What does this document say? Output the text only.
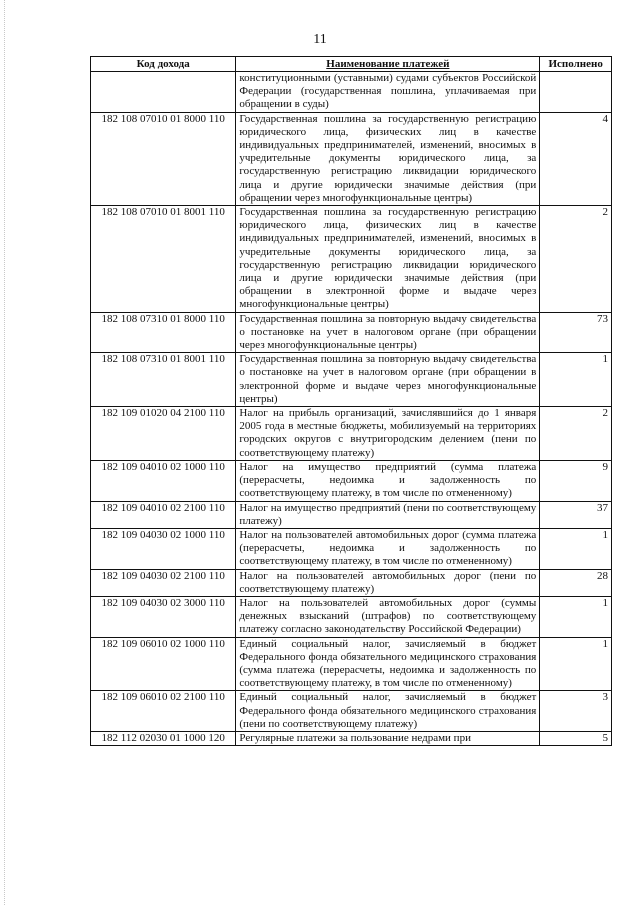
11
Код дохода	Наименование платежей	Исполнено
	конституционными (уставными) судами субъектов Российской Федерации (государственная пошлина, уплачиваемая при обращении в суды)	
182 108 07010 01 8000 110	Государственная пошлина за государственную регистрацию юридического лица, физических лиц в качестве индивидуальных предпринимателей, изменений, вносимых в учредительные документы юридического лица, за государственную регистрацию ликвидации юридического лица и другие юридически значимые действия (при обращении через многофункциональные центры)	4
182 108 07010 01 8001 110	Государственная пошлина за государственную регистрацию юридического лица, физических лиц в качестве индивидуальных предпринимателей, изменений, вносимых в учредительные документы юридического лица, за государственную регистрацию ликвидации юридического лица и другие юридически значимые действия (при обращении в электронной форме и выдаче через многофункциональные центры)	2
182 108 07310 01 8000 110	Государственная пошлина за повторную выдачу свидетельства о постановке на учет в налоговом органе (при обращении через многофункциональные центры)	73
182 108 07310 01 8001 110	Государственная пошлина за повторную выдачу свидетельства о постановке на учет в налоговом органе (при обращении в электронной форме и выдаче через многофункциональные центры)	1
182 109 01020 04 2100 110	Налог на прибыль организаций, зачислявшийся до 1 января 2005 года в местные бюджеты, мобилизуемый на территориях городских округов с внутригородским делением (пени по соответствующему платежу)	2
182 109 04010 02 1000 110	Налог на имущество предприятий (сумма платежа (перерасчеты, недоимка и задолженность по соответствующему платежу, в том числе по отмененному)	9
182 109 04010 02 2100 110	Налог на имущество предприятий (пени по соответствующему платежу)	37
182 109 04030 02 1000 110	Налог на пользователей автомобильных дорог (сумма платежа (перерасчеты, недоимка и задолженность по соответствующему платежу, в том числе по отмененному)	1
182 109 04030 02 2100 110	Налог на пользователей автомобильных дорог (пени по соответствующему платежу)	28
182 109 04030 02 3000 110	Налог на пользователей автомобильных дорог (суммы денежных взысканий (штрафов) по соответствующему платежу согласно законодательству Российской Федерации)	1
182 109 06010 02 1000 110	Единый социальный налог, зачисляемый в бюджет Федерального фонда обязательного медицинского страхования (сумма платежа (перерасчеты, недоимка и задолженность по соответствующему платежу, в том числе по отмененному)	1
182 109 06010 02 2100 110	Единый социальный налог, зачисляемый в бюджет Федерального фонда обязательного медицинского страхования (пени по соответствующему платежу)	3
182 112 02030 01 1000 120	Регулярные платежи за пользование недрами при	5
